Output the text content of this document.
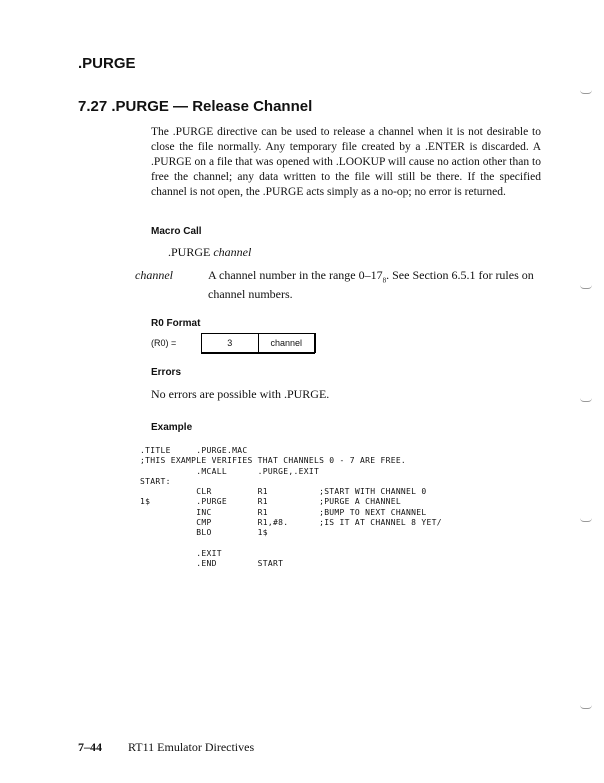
.PURGE
7.27 .PURGE — Release Channel
The .PURGE directive can be used to release a channel when it is not desirable to close the file normally. Any temporary file created by a .ENTER is discarded. A .PURGE on a file that was opened with .LOOKUP will cause no action other than to free the channel; any data written to the file will still be there. If the specified channel is not open, the .PURGE acts simply as a no-op; no error is returned.
Macro Call
.PURGE channel
channel	A channel number in the range $0-17_8$. See Section 6.5.1 for rules on channel numbers.
R0 Format
(R0) =	3	channel
Errors
No errors are possible with .PURGE.
Example
.TITLE     .PURGE.MAC
;THIS EXAMPLE VERIFIES THAT CHANNELS 0 - 7 ARE FREE.
.MCALL      .PURGE,.EXIT
START:
CLR         R1          ;START WITH CHANNEL 0
1$         .PURGE      R1          ;PURGE A CHANNEL
INC         R1          ;BUMP TO NEXT CHANNEL
CMP         R1,#8.      ;IS IT AT CHANNEL 8 YET/
BLO         1$

.EXIT
.END        START
7–44 RT11 Emulator Directives
